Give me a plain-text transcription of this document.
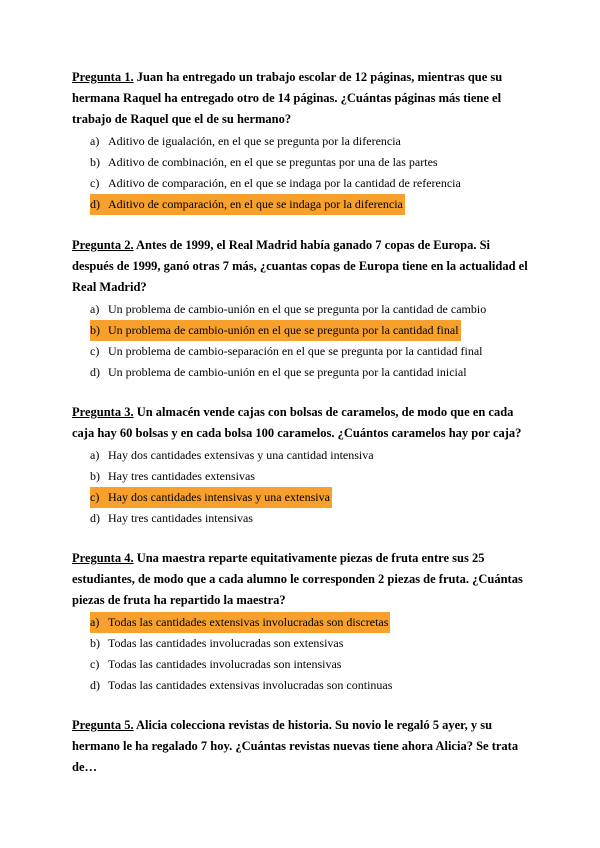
Pregunta 1. Juan ha entregado un trabajo escolar de 12 páginas, mientras que su hermana Raquel ha entregado otro de 14 páginas. ¿Cuántas páginas más tiene el trabajo de Raquel que el de su hermano?

a) Aditivo de igualación, en el que se pregunta por la diferencia
b) Aditivo de combinación, en el que se preguntas por una de las partes
c) Aditivo de comparación, en el que se indaga por la cantidad de referencia
d) Aditivo de comparación, en el que se indaga por la diferencia

Pregunta 2. Antes de 1999, el Real Madrid había ganado 7 copas de Europa. Si después de 1999, ganó otras 7 más, ¿cuantas copas de Europa tiene en la actualidad el Real Madrid?

a) Un problema de cambio-unión en el que se pregunta por la cantidad de cambio
b) Un problema de cambio-unión en el que se pregunta por la cantidad final
c) Un problema de cambio-separación en el que se pregunta por la cantidad final
d) Un problema de cambio-unión en el que se pregunta por la cantidad inicial

Pregunta 3. Un almacén vende cajas con bolsas de caramelos, de modo que en cada caja hay 60 bolsas y en cada bolsa 100 caramelos. ¿Cuántos caramelos hay por caja?

a) Hay dos cantidades extensivas y una cantidad intensiva
b) Hay tres cantidades extensivas
c) Hay dos cantidades intensivas y una extensiva
d) Hay tres cantidades intensivas

Pregunta 4. Una maestra reparte equitativamente piezas de fruta entre sus 25 estudiantes, de modo que a cada alumno le corresponden 2 piezas de fruta. ¿Cuántas piezas de fruta ha repartido la maestra?

a) Todas las cantidades extensivas involucradas son discretas
b) Todas las cantidades involucradas son extensivas
c) Todas las cantidades involucradas son intensivas
d) Todas las cantidades extensivas involucradas son continuas

Pregunta 5. Alicia colecciona revistas de historia. Su novio le regaló 5 ayer, y su hermano le ha regalado 7 hoy. ¿Cuántas revistas nuevas tiene ahora Alicia? Se trata de…
